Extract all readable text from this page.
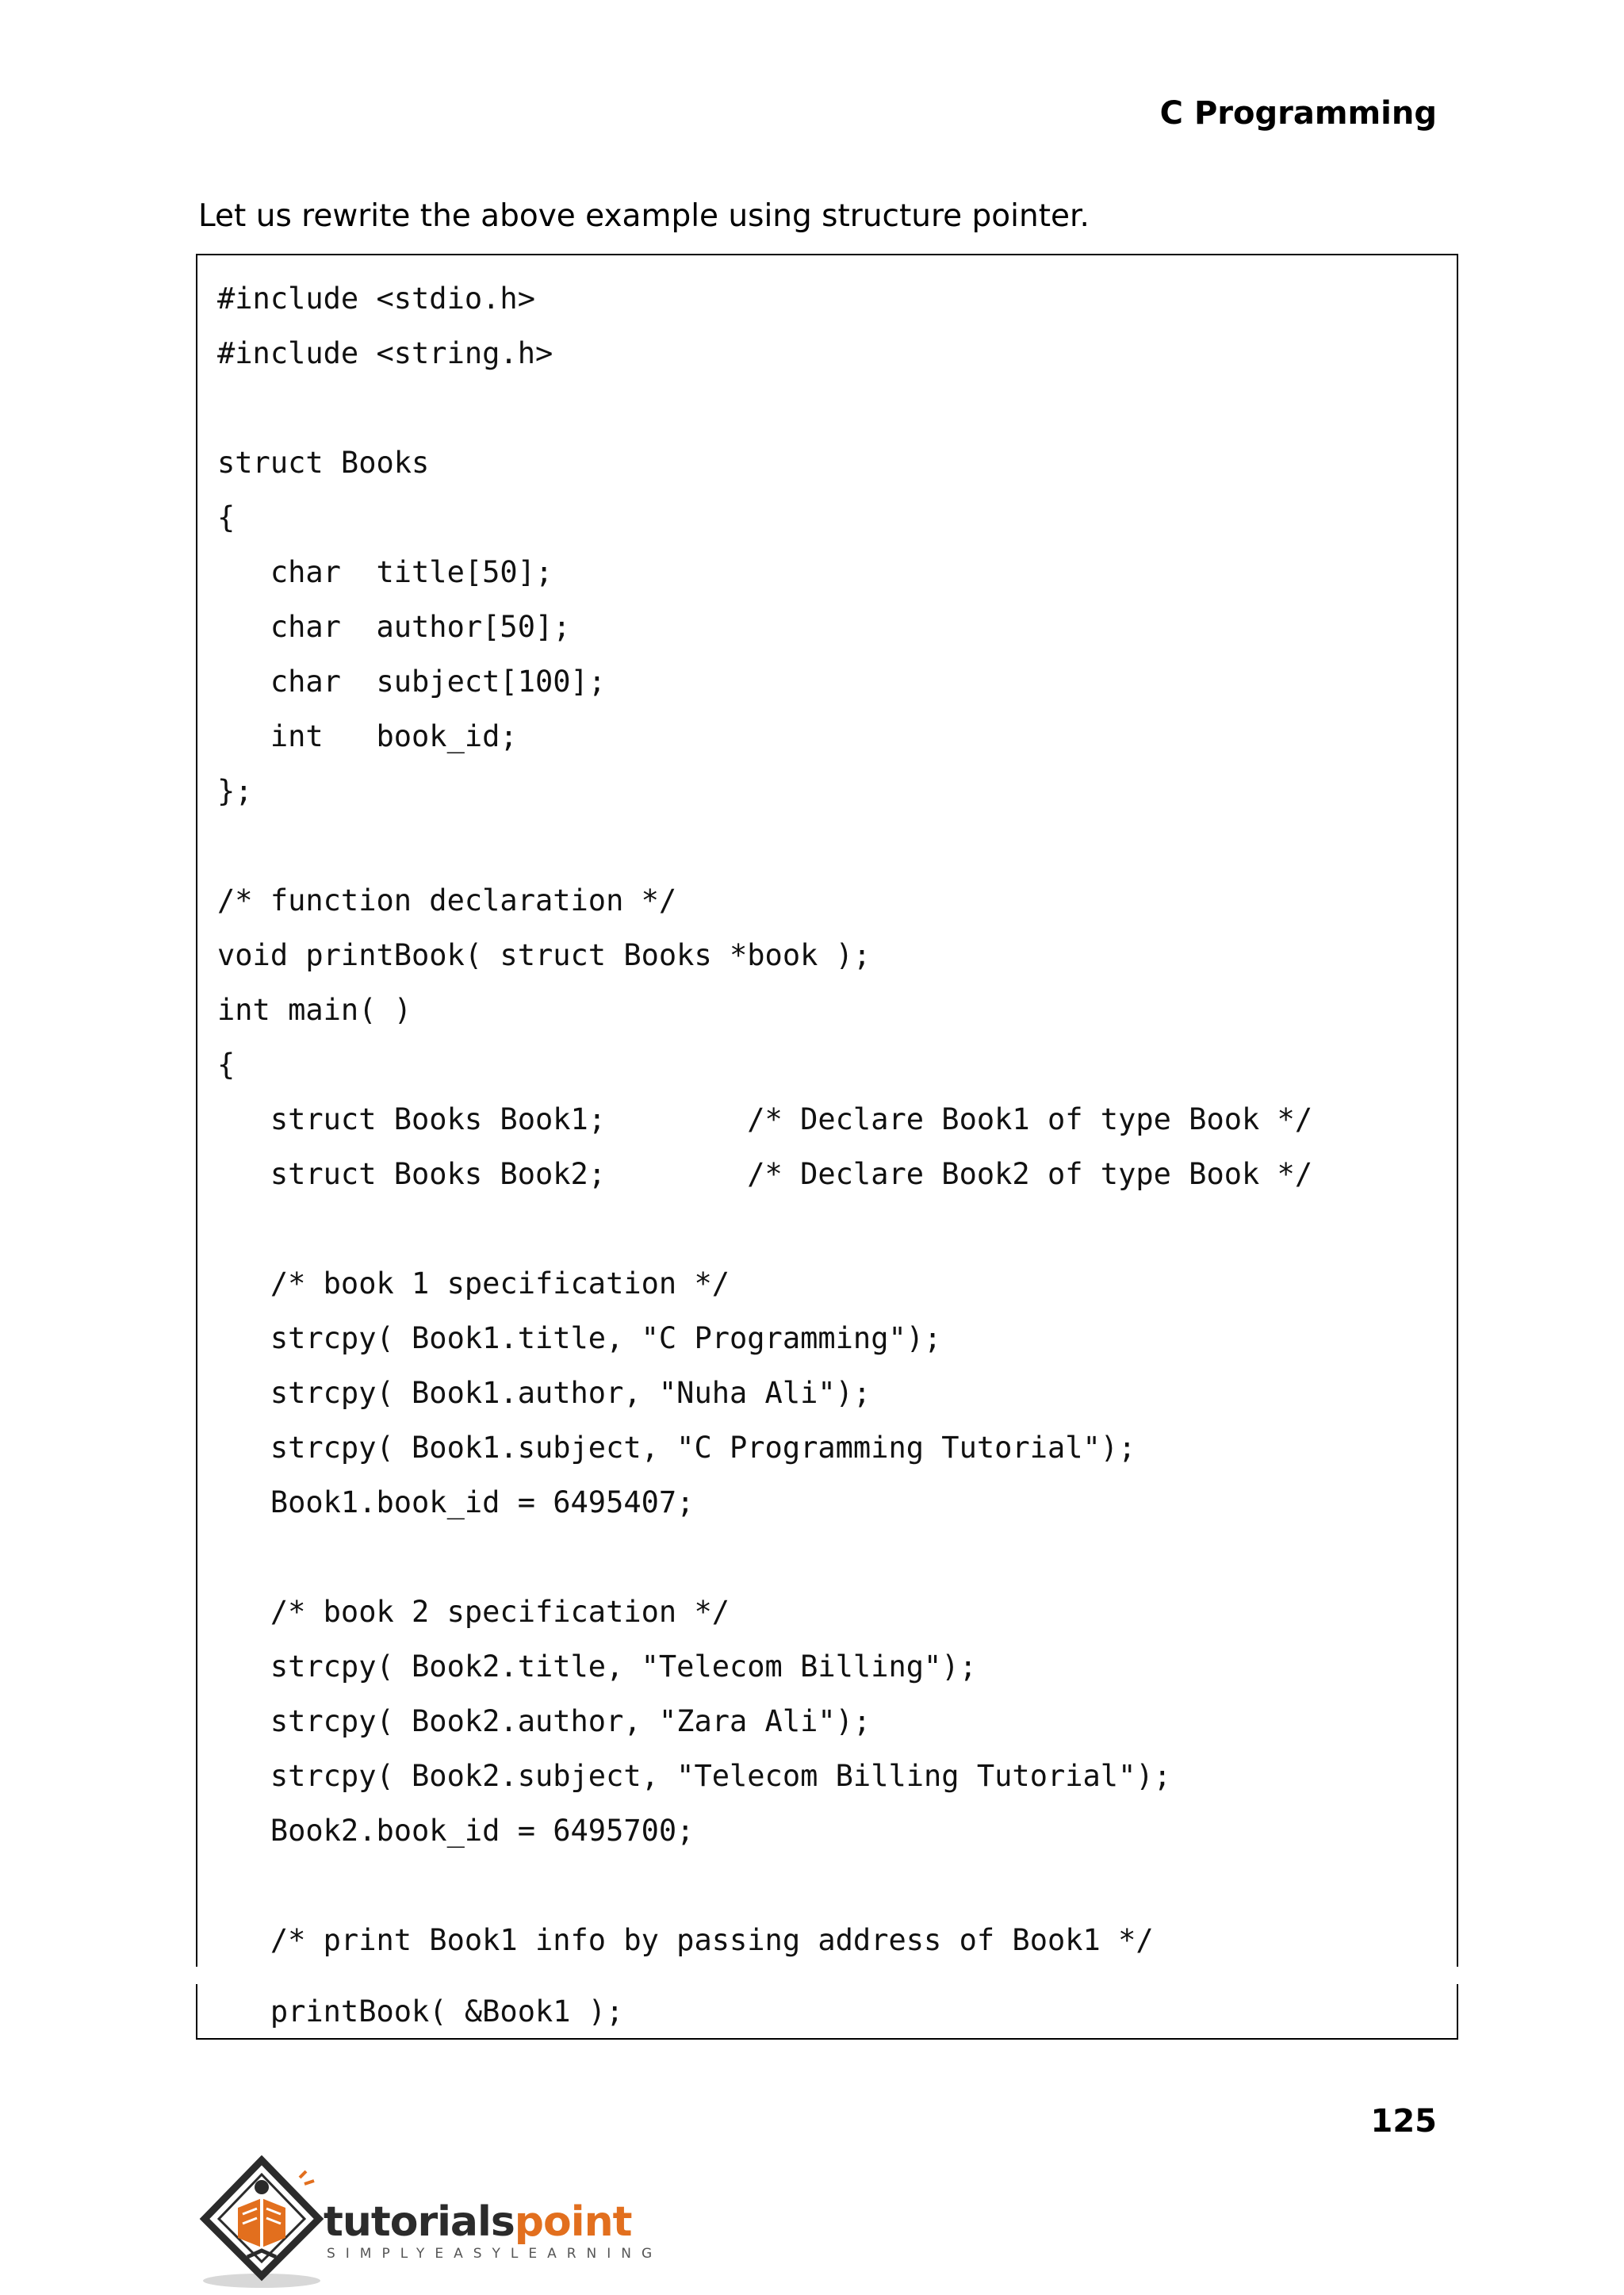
C Programming
Let us rewrite the above example using structure pointer.
#include <stdio.h>
#include <string.h>
struct Books
{
char  title[50];
char  author[50];
char  subject[100];
int   book_id;
};
/* function declaration */
void printBook( struct Books *book );
int main( )
{
struct Books Book1;        /* Declare Book1 of type Book */
struct Books Book2;        /* Declare Book2 of type Book */
/* book 1 specification */
strcpy( Book1.title, "C Programming");
strcpy( Book1.author, "Nuha Ali");
strcpy( Book1.subject, "C Programming Tutorial");
Book1.book_id = 6495407;
/* book 2 specification */
strcpy( Book2.title, "Telecom Billing");
strcpy( Book2.author, "Zara Ali");
strcpy( Book2.subject, "Telecom Billing Tutorial");
Book2.book_id = 6495700;
/* print Book1 info by passing address of Book1 */
printBook( &Book1 );
125
tutorialspoint
SIMPLYEASYLEARNING
